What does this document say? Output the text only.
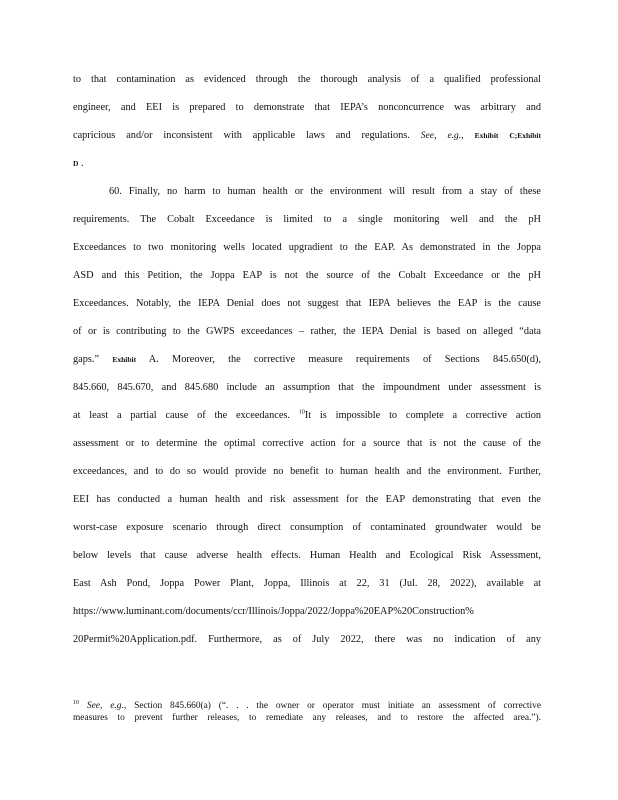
to that contamination as evidenced through the thorough analysis of a qualified professional
engineer, and EEI is prepared to demonstrate that IEPA’s nonconcurrence was arbitrary and
capricious and/or inconsistent with applicable laws and regulations. See, e.g., Exhibit C;Exhibit
D .
60. Finally, no harm to human health or the environment will result from a stay of these
requirements. The Cobalt Exceedance is limited to a single monitoring well and the pH
Exceedances to two monitoring wells located upgradient to the EAP. As demonstrated in the Joppa
ASD and this Petition, the Joppa EAP is not the source of the Cobalt Exceedance or the pH
Exceedances. Notably, the IEPA Denial does not suggest that IEPA believes the EAP is the cause
of or is contributing to the GWPS exceedances – rather, the IEPA Denial is based on alleged “data
gaps.” Exhibit A. Moreover, the corrective measure requirements of Sections 845.650(d),
845.660, 845.670, and 845.680 include an assumption that the impoundment under assessment is
at least a partial cause of the exceedances. $^{10}$It is impossible to complete a corrective action
assessment or to determine the optimal corrective action for a source that is not the cause of the
exceedances, and to do so would provide no benefit to human health and the environment. Further,
EEI has conducted a human health and risk assessment for the EAP demonstrating that even the
worst-case exposure scenario through direct consumption of contaminated groundwater would be
below levels that cause adverse health effects. Human Health and Ecological Risk Assessment,
East Ash Pond, Joppa Power Plant, Joppa, Illinois at 22, 31 (Jul. 28, 2022), available at
https://www.luminant.com/documents/ccr/Illinois/Joppa/2022/Joppa%20EAP%20Construction%
20Permit%20Application.pdf. Furthermore, as of July 2022, there was no indication of any
$^{10}$ See, e.g., Section 845.660(a) (“. . . the owner or operator must initiate an assessment of corrective
measures to prevent further releases, to remediate any releases, and to restore the affected area.”).
